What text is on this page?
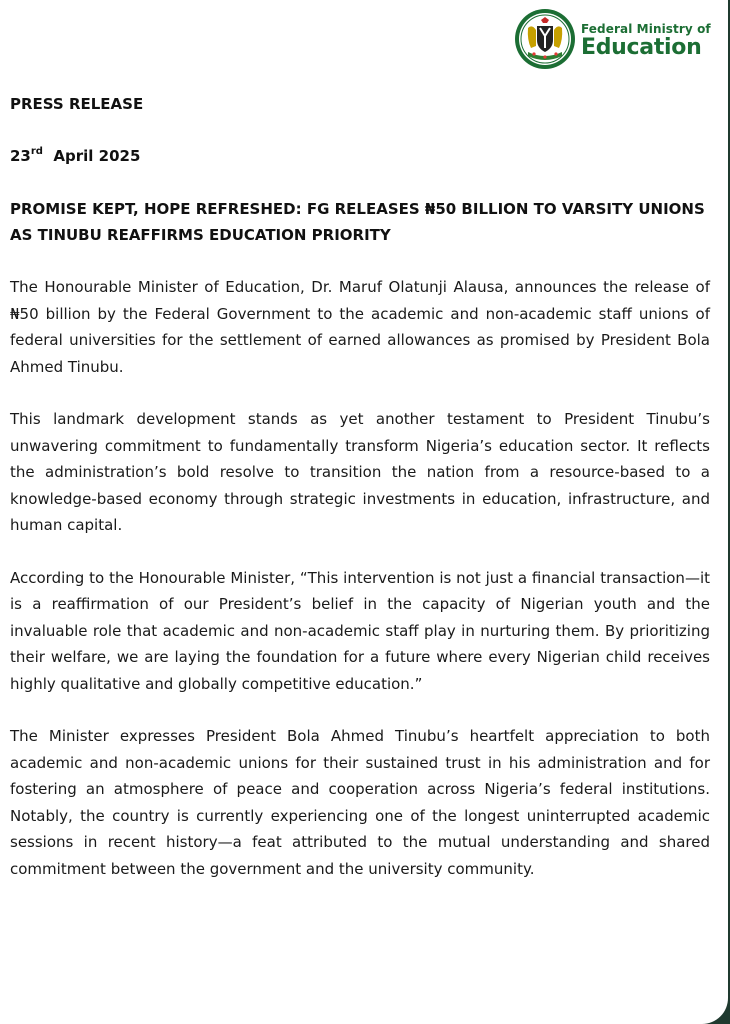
Federal Ministry of
Education

PRESS RELEASE

23rd April 2025

PROMISE KEPT, HOPE REFRESHED: FG RELEASES ₦50 BILLION TO VARSITY UNIONS AS TINUBU REAFFIRMS EDUCATION PRIORITY

The Honourable Minister of Education, Dr. Maruf Olatunji Alausa, announces the release of ₦50 billion by the Federal Government to the academic and non-academic staff unions of federal universities for the settlement of earned allowances as promised by President Bola Ahmed Tinubu.

This landmark development stands as yet another testament to President Tinubu’s unwavering commitment to fundamentally transform Nigeria’s education sector. It reflects the administration’s bold resolve to transition the nation from a resource-based to a knowledge-based economy through strategic investments in education, infrastructure, and human capital.

According to the Honourable Minister, “This intervention is not just a financial transaction—it is a reaffirmation of our President’s belief in the capacity of Nigerian youth and the invaluable role that academic and non-academic staff play in nurturing them. By prioritizing their welfare, we are laying the foundation for a future where every Nigerian child receives highly qualitative and globally competitive education.”

The Minister expresses President Bola Ahmed Tinubu’s heartfelt appreciation to both academic and non-academic unions for their sustained trust in his administration and for fostering an atmosphere of peace and cooperation across Nigeria’s federal institutions. Notably, the country is currently experiencing one of the longest uninterrupted academic sessions in recent history—a feat attributed to the mutual understanding and shared commitment between the government and the university community.
